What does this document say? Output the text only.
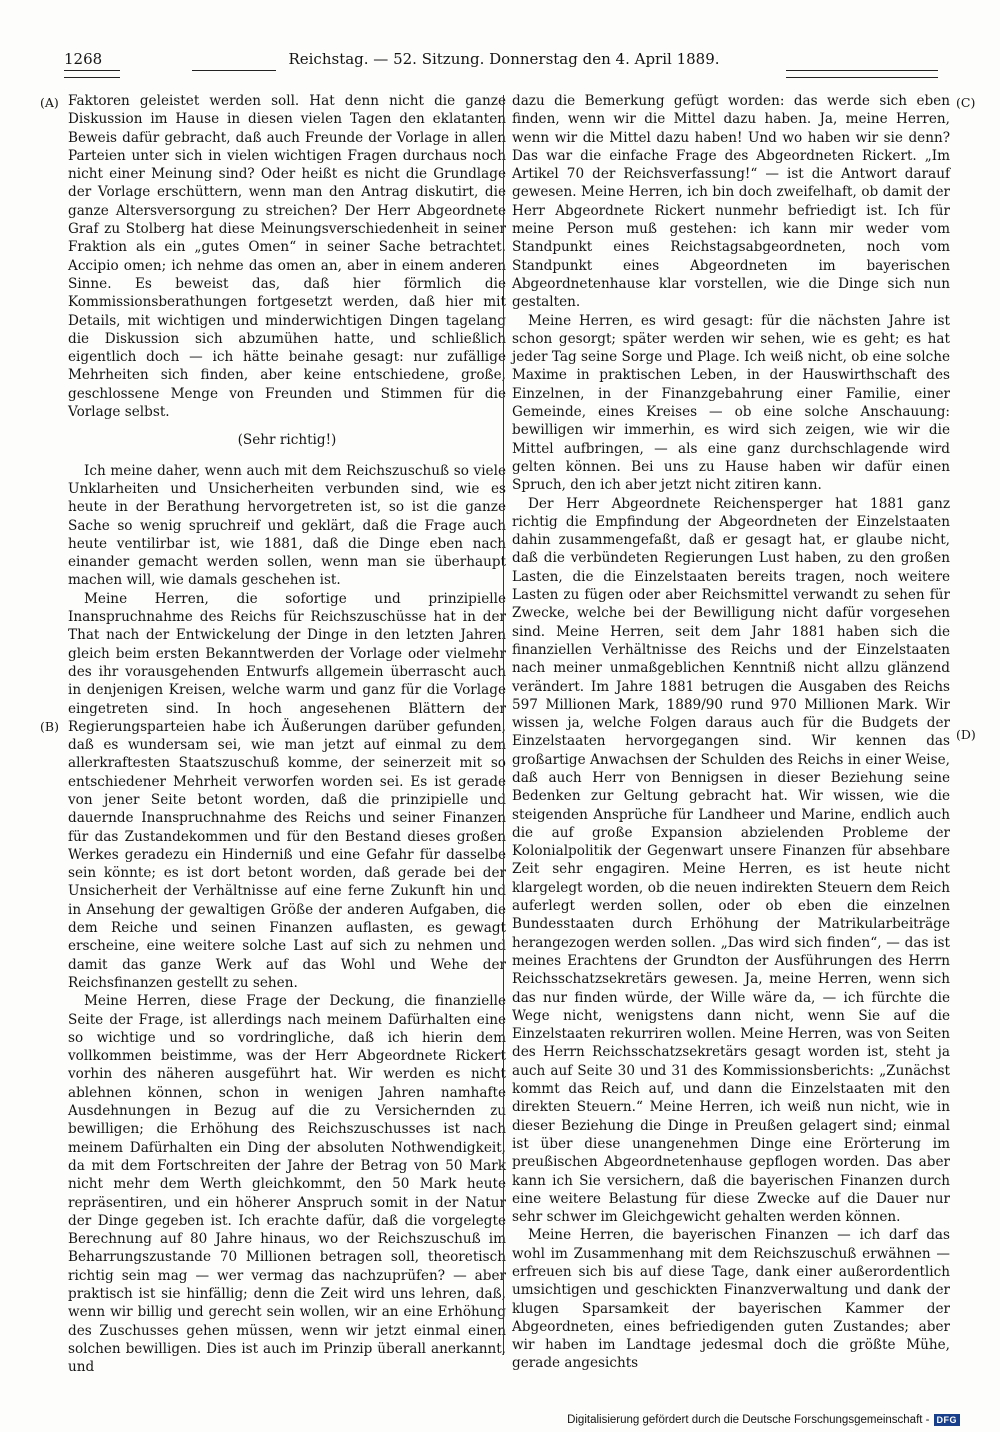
1268	Reichstag. — 52. Sitzung. Donnerstag den 4. April 1889.
(A)
(B)
(C)
(D)

Faktoren geleistet werden soll. Hat denn nicht die ganze Diskussion im Hause in diesen vielen Tagen den eklatanten Beweis dafür gebracht, daß auch Freunde der Vorlage in allen Parteien unter sich in vielen wichtigen Fragen durchaus noch nicht einer Meinung sind? Oder heißt es nicht die Grundlage der Vorlage erschüttern, wenn man den Antrag diskutirt, die ganze Altersversorgung zu streichen? Der Herr Abgeordnete Graf zu Stolberg hat diese Meinungsverschiedenheit in seiner Fraktion als ein „gutes Omen“ in seiner Sache betrachtet. Accipio omen; ich nehme das omen an, aber in einem anderen Sinne. Es beweist das, daß hier förmlich die Kommissionsberathungen fortgesetzt werden, daß hier mit Details, mit wichtigen und minderwichtigen Dingen tagelang die Diskussion sich abzumühen hatte, und schließlich eigentlich doch — ich hätte beinahe gesagt: nur zufällige Mehrheiten sich finden, aber keine entschiedene, große, geschlossene Menge von Freunden und Stimmen für die Vorlage selbst.

(Sehr richtig!)

Ich meine daher, wenn auch mit dem Reichszuschuß so viele Unklarheiten und Unsicherheiten verbunden sind, wie es heute in der Berathung hervorgetreten ist, so ist die ganze Sache so wenig spruchreif und geklärt, daß die Frage auch heute ventilirbar ist, wie 1881, daß die Dinge eben nach einander gemacht werden sollen, wenn man sie überhaupt machen will, wie damals geschehen ist.

Meine Herren, die sofortige und prinzipielle Inanspruchnahme des Reichs für Reichszuschüsse hat in der That nach der Entwickelung der Dinge in den letzten Jahren gleich beim ersten Bekanntwerden der Vorlage oder vielmehr des ihr vorausgehenden Entwurfs allgemein überrascht auch in denjenigen Kreisen, welche warm und ganz für die Vorlage eingetreten sind. In hoch angesehenen Blättern der Regierungsparteien habe ich Äußerungen darüber gefunden, daß es wundersam sei, wie man jetzt auf einmal zu dem allerkraftesten Staatszuschuß komme, der seinerzeit mit so entschiedener Mehrheit verworfen worden sei. Es ist gerade von jener Seite betont worden, daß die prinzipielle und dauernde Inanspruchnahme des Reichs und seiner Finanzen für das Zustandekommen und für den Bestand dieses großen Werkes geradezu ein Hinderniß und eine Gefahr für dasselbe sein könnte; es ist dort betont worden, daß gerade bei der Unsicherheit der Verhältnisse auf eine ferne Zukunft hin und in Ansehung der gewaltigen Größe der anderen Aufgaben, die dem Reiche und seinen Finanzen auflasten, es gewagt erscheine, eine weitere solche Last auf sich zu nehmen und damit das ganze Werk auf das Wohl und Wehe der Reichsfinanzen gestellt zu sehen.

Meine Herren, diese Frage der Deckung, die finanzielle Seite der Frage, ist allerdings nach meinem Dafürhalten eine so wichtige und so vordringliche, daß ich hierin dem vollkommen beistimme, was der Herr Abgeordnete Rickert vorhin des näheren ausgeführt hat. Wir werden es nicht ablehnen können, schon in wenigen Jahren namhafte Ausdehnungen in Bezug auf die zu Versichernden zu bewilligen; die Erhöhung des Reichszuschusses ist nach meinem Dafürhalten ein Ding der absoluten Nothwendigkeit, da mit dem Fortschreiten der Jahre der Betrag von 50 Mark nicht mehr dem Werth gleichkommt, den 50 Mark heute repräsentiren, und ein höherer Anspruch somit in der Natur der Dinge gegeben ist. Ich erachte dafür, daß die vorgelegte Berechnung auf 80 Jahre hinaus, wo der Reichszuschuß im Beharrungszustande 70 Millionen betragen soll, theoretisch richtig sein mag — wer vermag das nachzuprüfen? — aber praktisch ist sie hinfällig; denn die Zeit wird uns lehren, daß, wenn wir billig und gerecht sein wollen, wir an eine Erhöhung des Zuschusses gehen müssen, wenn wir jetzt einmal einen solchen bewilligen. Dies ist auch im Prinzip überall anerkannt, und

dazu die Bemerkung gefügt worden: das werde sich eben finden, wenn wir die Mittel dazu haben. Ja, meine Herren, wenn wir die Mittel dazu haben! Und wo haben wir sie denn? Das war die einfache Frage des Abgeordneten Rickert. „Im Artikel 70 der Reichsverfassung!“ — ist die Antwort darauf gewesen. Meine Herren, ich bin doch zweifelhaft, ob damit der Herr Abgeordnete Rickert nunmehr befriedigt ist. Ich für meine Person muß gestehen: ich kann mir weder vom Standpunkt eines Reichstagsabgeordneten, noch vom Standpunkt eines Abgeordneten im bayerischen Abgeordnetenhause klar vorstellen, wie die Dinge sich nun gestalten.

Meine Herren, es wird gesagt: für die nächsten Jahre ist schon gesorgt; später werden wir sehen, wie es geht; es hat jeder Tag seine Sorge und Plage. Ich weiß nicht, ob eine solche Maxime in praktischen Leben, in der Hauswirthschaft des Einzelnen, in der Finanzgebahrung einer Familie, einer Gemeinde, eines Kreises — ob eine solche Anschauung: bewilligen wir immerhin, es wird sich zeigen, wie wir die Mittel aufbringen, — als eine ganz durchschlagende wird gelten können. Bei uns zu Hause haben wir dafür einen Spruch, den ich aber jetzt nicht zitiren kann.

Der Herr Abgeordnete Reichensperger hat 1881 ganz richtig die Empfindung der Abgeordneten der Einzelstaaten dahin zusammengefaßt, daß er gesagt hat, er glaube nicht, daß die verbündeten Regierungen Lust haben, zu den großen Lasten, die die Einzelstaaten bereits tragen, noch weitere Lasten zu fügen oder aber Reichsmittel verwandt zu sehen für Zwecke, welche bei der Bewilligung nicht dafür vorgesehen sind. Meine Herren, seit dem Jahr 1881 haben sich die finanziellen Verhältnisse des Reichs und der Einzelstaaten nach meiner unmaßgeblichen Kenntniß nicht allzu glänzend verändert. Im Jahre 1881 betrugen die Ausgaben des Reichs 597 Millionen Mark, 1889/90 rund 970 Millionen Mark. Wir wissen ja, welche Folgen daraus auch für die Budgets der Einzelstaaten hervorgegangen sind. Wir kennen das großartige Anwachsen der Schulden des Reichs in einer Weise, daß auch Herr von Bennigsen in dieser Beziehung seine Bedenken zur Geltung gebracht hat. Wir wissen, wie die steigenden Ansprüche für Landheer und Marine, endlich auch die auf große Expansion abzielenden Probleme der Kolonialpolitik der Gegenwart unsere Finanzen für absehbare Zeit sehr engagiren. Meine Herren, es ist heute nicht klargelegt worden, ob die neuen indirekten Steuern dem Reich auferlegt werden sollen, oder ob eben die einzelnen Bundesstaaten durch Erhöhung der Matrikularbeiträge herangezogen werden sollen. „Das wird sich finden“, — das ist meines Erachtens der Grundton der Ausführungen des Herrn Reichsschatzsekretärs gewesen. Ja, meine Herren, wenn sich das nur finden würde, der Wille wäre da, — ich fürchte die Wege nicht, wenigstens dann nicht, wenn Sie auf die Einzelstaaten rekurriren wollen. Meine Herren, was von Seiten des Herrn Reichsschatzsekretärs gesagt worden ist, steht ja auch auf Seite 30 und 31 des Kommissionsberichts: „Zunächst kommt das Reich auf, und dann die Einzelstaaten mit den direkten Steuern.“ Meine Herren, ich weiß nun nicht, wie in dieser Beziehung die Dinge in Preußen gelagert sind; einmal ist über diese unangenehmen Dinge eine Erörterung im preußischen Abgeordnetenhause gepflogen worden. Das aber kann ich Sie versichern, daß die bayerischen Finanzen durch eine weitere Belastung für diese Zwecke auf die Dauer nur sehr schwer im Gleichgewicht gehalten werden können.

Meine Herren, die bayerischen Finanzen — ich darf das wohl im Zusammenhang mit dem Reichszuschuß erwähnen — erfreuen sich bis auf diese Tage, dank einer außerordentlich umsichtigen und geschickten Finanzverwaltung und dank der klugen Sparsamkeit der bayerischen Kammer der Abgeordneten, eines befriedigenden guten Zustandes; aber wir haben im Landtage jedesmal doch die größte Mühe, gerade angesichts

Digitalisierung gefördert durch die Deutsche Forschungsgemeinschaft - DFG
